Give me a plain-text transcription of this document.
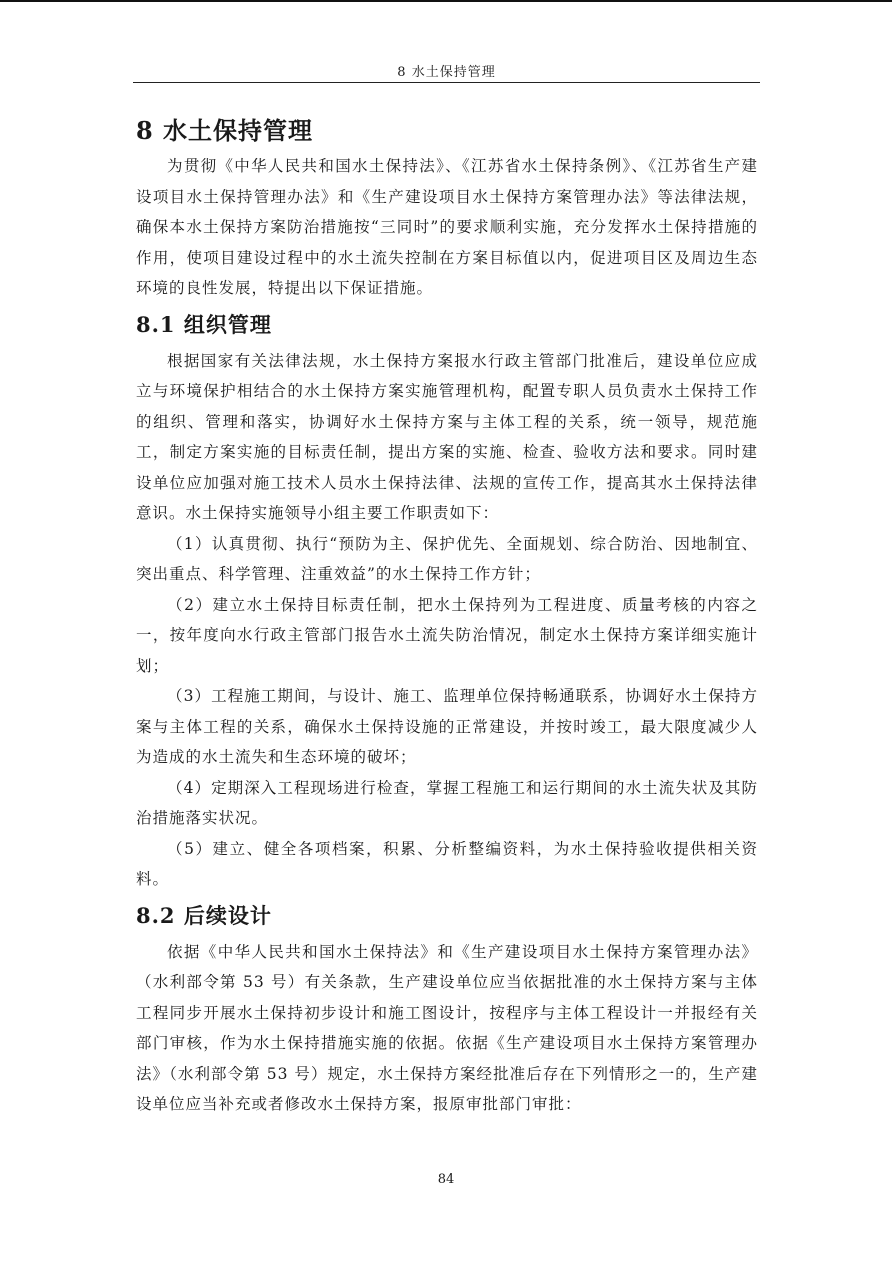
8 水土保持管理
8 水土保持管理

为贯彻《中华人民共和国水土保持法》、《江苏省水土保持条例》、《江苏省生产建设项目水土保持管理办法》和《生产建设项目水土保持方案管理办法》等法律法规，确保本水土保持方案防治措施按“三同时”的要求顺利实施，充分发挥水土保持措施的作用，使项目建设过程中的水土流失控制在方案目标值以内，促进项目区及周边生态环境的良性发展，特提出以下保证措施。

8.1 组织管理

根据国家有关法律法规，水土保持方案报水行政主管部门批准后，建设单位应成立与环境保护相结合的水土保持方案实施管理机构，配置专职人员负责水土保持工作的组织、管理和落实，协调好水土保持方案与主体工程的关系，统一领导，规范施工，制定方案实施的目标责任制，提出方案的实施、检查、验收方法和要求。同时建设单位应加强对施工技术人员水土保持法律、法规的宣传工作，提高其水土保持法律意识。水土保持实施领导小组主要工作职责如下：

（1）认真贯彻、执行“预防为主、保护优先、全面规划、综合防治、因地制宜、突出重点、科学管理、注重效益”的水土保持工作方针；

（2）建立水土保持目标责任制，把水土保持列为工程进度、质量考核的内容之一，按年度向水行政主管部门报告水土流失防治情况，制定水土保持方案详细实施计划；

（3）工程施工期间，与设计、施工、监理单位保持畅通联系，协调好水土保持方案与主体工程的关系，确保水土保持设施的正常建设，并按时竣工，最大限度减少人为造成的水土流失和生态环境的破坏；

（4）定期深入工程现场进行检查，掌握工程施工和运行期间的水土流失状及其防治措施落实状况。

（5）建立、健全各项档案，积累、分析整编资料，为水土保持验收提供相关资料。

8.2 后续设计

依据《中华人民共和国水土保持法》和《生产建设项目水土保持方案管理办法》（水利部令第 53 号）有关条款，生产建设单位应当依据批准的水土保持方案与主体工程同步开展水土保持初步设计和施工图设计，按程序与主体工程设计一并报经有关部门审核，作为水土保持措施实施的依据。依据《生产建设项目水土保持方案管理办法》（水利部令第 53 号）规定，水土保持方案经批准后存在下列情形之一的，生产建设单位应当补充或者修改水土保持方案，报原审批部门审批：

84
